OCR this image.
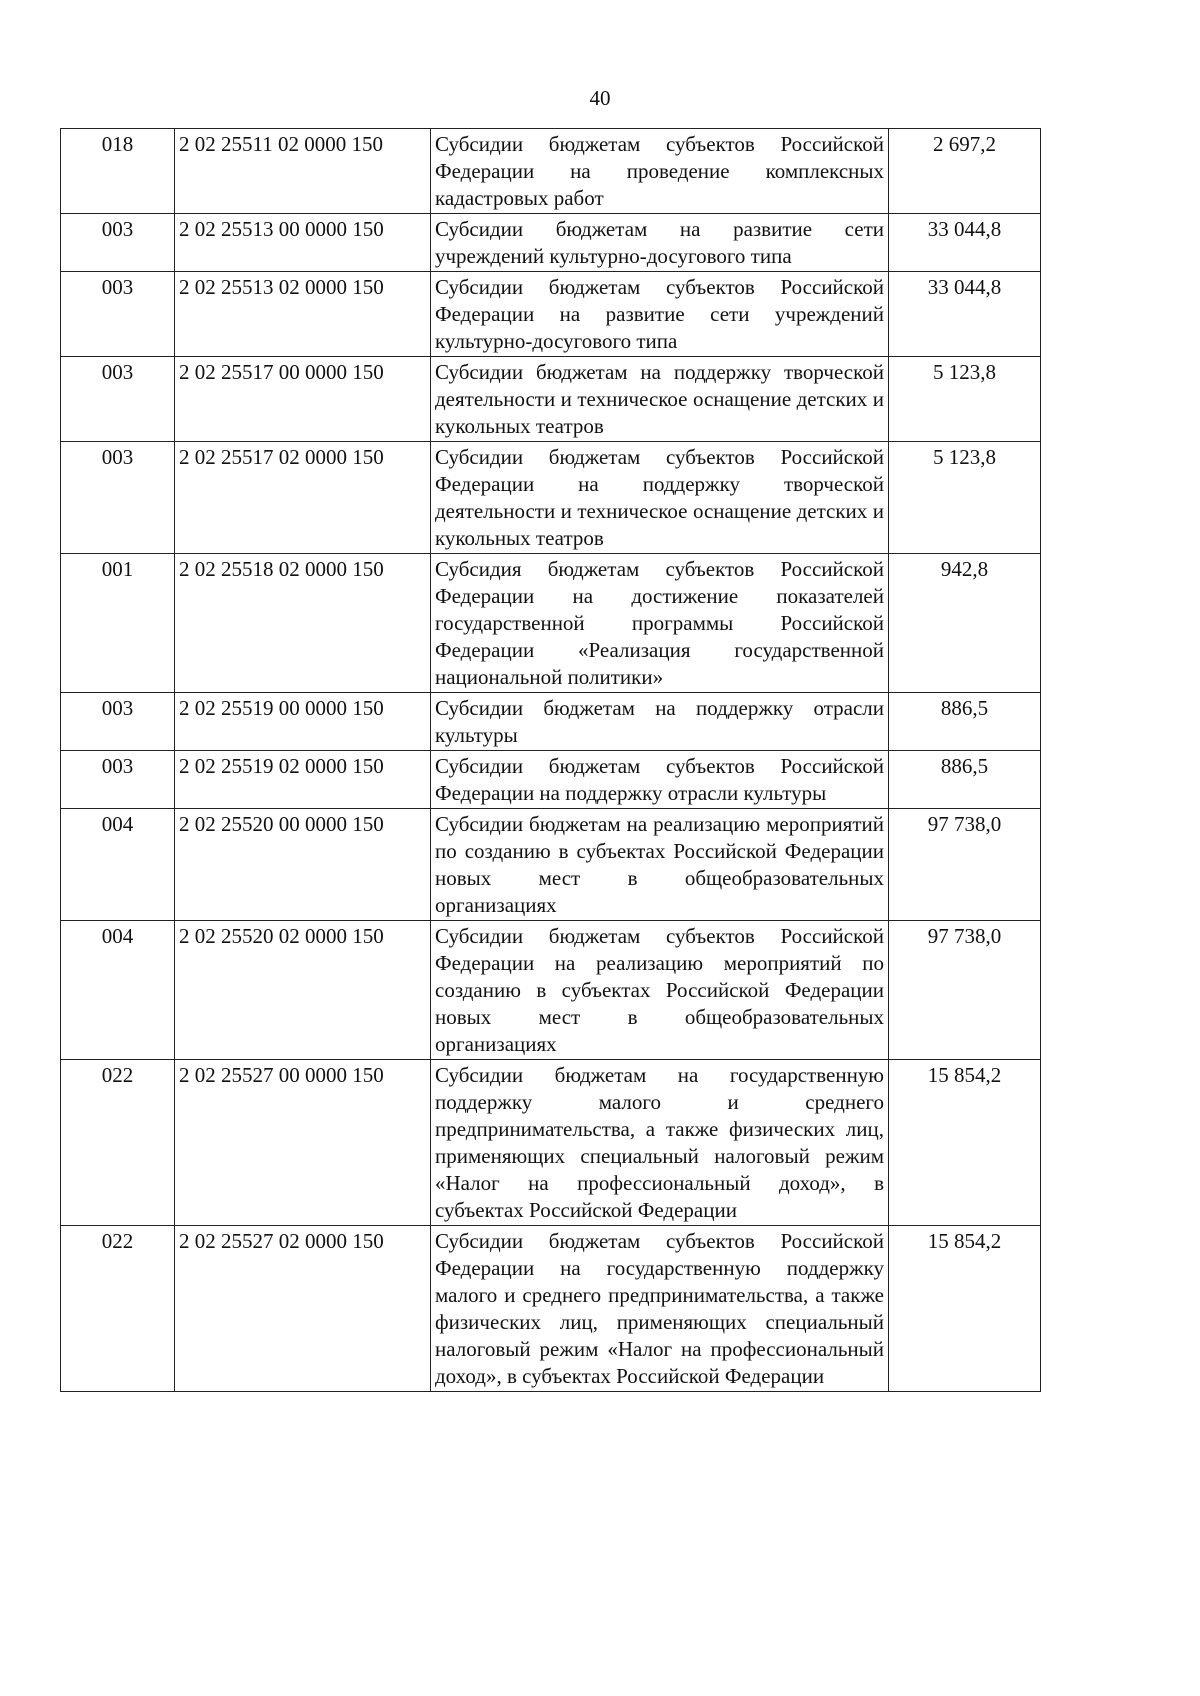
40
018	2 02 25511 02 0000 150	Субсидии бюджетам субъектов Российской Федерации на проведение комплексных кадастровых работ	2 697,2
003	2 02 25513 00 0000 150	Субсидии бюджетам на развитие сети учреждений культурно-досугового типа	33 044,8
003	2 02 25513 02 0000 150	Субсидии бюджетам субъектов Российской Федерации на развитие сети учреждений культурно-досугового типа	33 044,8
003	2 02 25517 00 0000 150	Субсидии бюджетам на поддержку творческой деятельности и техническое оснащение детских и кукольных театров	5 123,8
003	2 02 25517 02 0000 150	Субсидии бюджетам субъектов Российской Федерации на поддержку творческой деятельности и техническое оснащение детских и кукольных театров	5 123,8
001	2 02 25518 02 0000 150	Субсидия бюджетам субъектов Российской Федерации на достижение показателей государственной программы Российской Федерации «Реализация государственной национальной политики»	942,8
003	2 02 25519 00 0000 150	Субсидии бюджетам на поддержку отрасли культуры	886,5
003	2 02 25519 02 0000 150	Субсидии бюджетам субъектов Российской Федерации на поддержку отрасли культуры	886,5
004	2 02 25520 00 0000 150	Субсидии бюджетам на реализацию мероприятий по созданию в субъектах Российской Федерации новых мест в общеобразовательных организациях	97 738,0
004	2 02 25520 02 0000 150	Субсидии бюджетам субъектов Российской Федерации на реализацию мероприятий по созданию в субъектах Российской Федерации новых мест в общеобразовательных организациях	97 738,0
022	2 02 25527 00 0000 150	Субсидии бюджетам на государственную поддержку малого и среднего предпринимательства, а также физических лиц, применяющих специальный налоговый режим «Налог на профессиональный доход», в субъектах Российской Федерации	15 854,2
022	2 02 25527 02 0000 150	Субсидии бюджетам субъектов Российской Федерации на государственную поддержку малого и среднего предпринимательства, а также физических лиц, применяющих специальный налоговый режим «Налог на профессиональный доход», в субъектах Российской Федерации	15 854,2
